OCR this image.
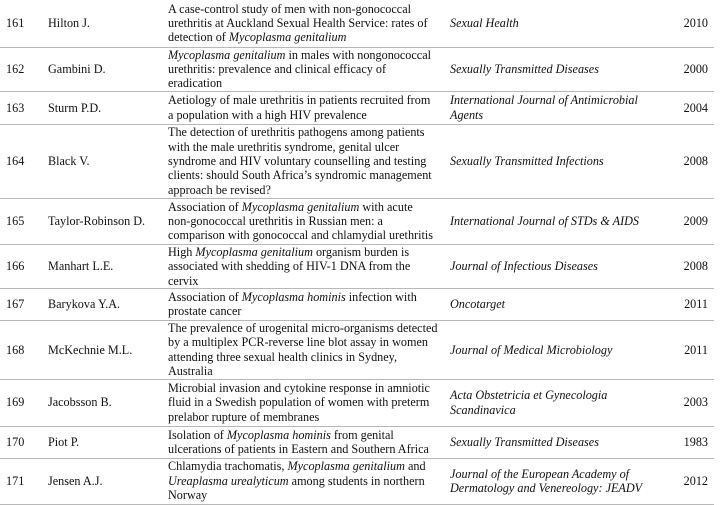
161	Hilton J.	A case-control study of men with non-gonococcal urethritis at Auckland Sexual Health Service: rates of detection of Mycoplasma genitalium	Sexual Health	2010
162	Gambini D.	Mycoplasma genitalium in males with nongonococcal urethritis: prevalence and clinical efficacy of eradication	Sexually Transmitted Diseases	2000
163	Sturm P.D.	Aetiology of male urethritis in patients recruited from a population with a high HIV prevalence	International Journal of Antimicrobial Agents	2004
164	Black V.	The detection of urethritis pathogens among patients with the male urethritis syndrome, genital ulcer syndrome and HIV voluntary counselling and testing clients: should South Africa’s syndromic management approach be revised?	Sexually Transmitted Infections	2008
165	Taylor-Robinson D.	Association of Mycoplasma genitalium with acute non-gonococcal urethritis in Russian men: a comparison with gonococcal and chlamydial urethritis	International Journal of STDs & AIDS	2009
166	Manhart L.E.	High Mycoplasma genitalium organism burden is associated with shedding of HIV-1 DNA from the cervix	Journal of Infectious Diseases	2008
167	Barykova Y.A.	Association of Mycoplasma hominis infection with prostate cancer	Oncotarget	2011
168	McKechnie M.L.	The prevalence of urogenital micro-organisms detected by a multiplex PCR-reverse line blot assay in women attending three sexual health clinics in Sydney, Australia	Journal of Medical Microbiology	2011
169	Jacobsson B.	Microbial invasion and cytokine response in amniotic fluid in a Swedish population of women with preterm prelabor rupture of membranes	Acta Obstetricia et Gynecologia Scandinavica	2003
170	Piot P.	Isolation of Mycoplasma hominis from genital ulcerations of patients in Eastern and Southern Africa	Sexually Transmitted Diseases	1983
171	Jensen A.J.	Chlamydia trachomatis, Mycoplasma genitalium and Ureaplasma urealyticum among students in northern Norway	Journal of the European Academy of Dermatology and Venereology: JEADV	2012
